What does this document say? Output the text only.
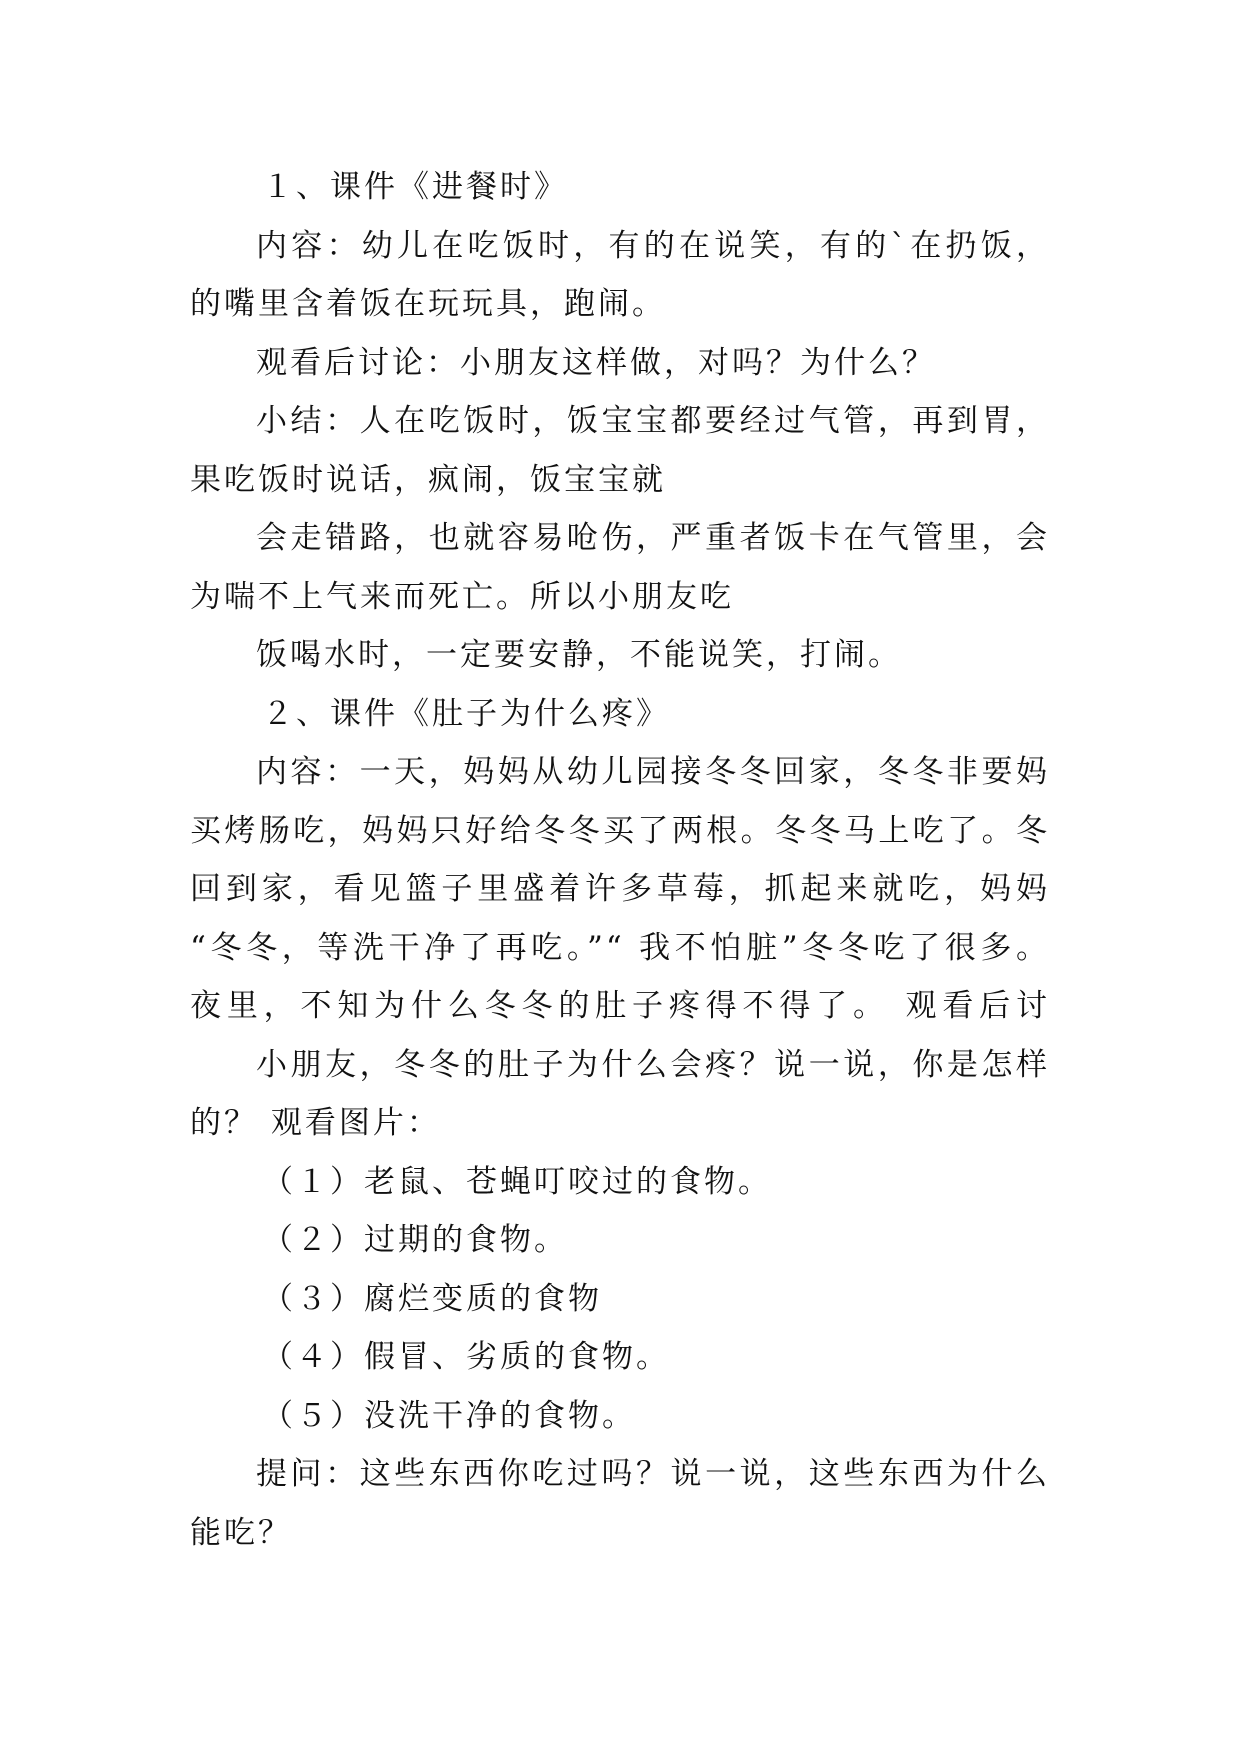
１、课件《进餐时》
内容：幼儿在吃饭时，有的在说笑，有的`在扔饭，
的嘴里含着饭在玩玩具，跑闹。
观看后讨论：小朋友这样做，对吗？为什么？
小结：人在吃饭时，饭宝宝都要经过气管，再到胃，
果吃饭时说话，疯闹，饭宝宝就
会走错路，也就容易呛伤，严重者饭卡在气管里，会
为喘不上气来而死亡。所以小朋友吃
饭喝水时，一定要安静，不能说笑，打闹。
２、课件《肚子为什么疼》
内容：一天，妈妈从幼儿园接冬冬回家，冬冬非要妈
买烤肠吃，妈妈只好给冬冬买了两根。冬冬马上吃了。冬
回到家，看见篮子里盛着许多草莓，抓起来就吃，妈妈
“冬冬，等洗干净了再吃。”“ 我不怕脏”冬冬吃了很多。
夜里，不知为什么冬冬的肚子疼得不得了。 观看后讨
小朋友，冬冬的肚子为什么会疼？说一说，你是怎样
的？ 观看图片：
（１）老鼠、苍蝇叮咬过的食物。
（２）过期的食物。
（３）腐烂变质的食物
（４）假冒、劣质的食物。
（５）没洗干净的食物。
提问：这些东西你吃过吗？说一说，这些东西为什么
能吃？
